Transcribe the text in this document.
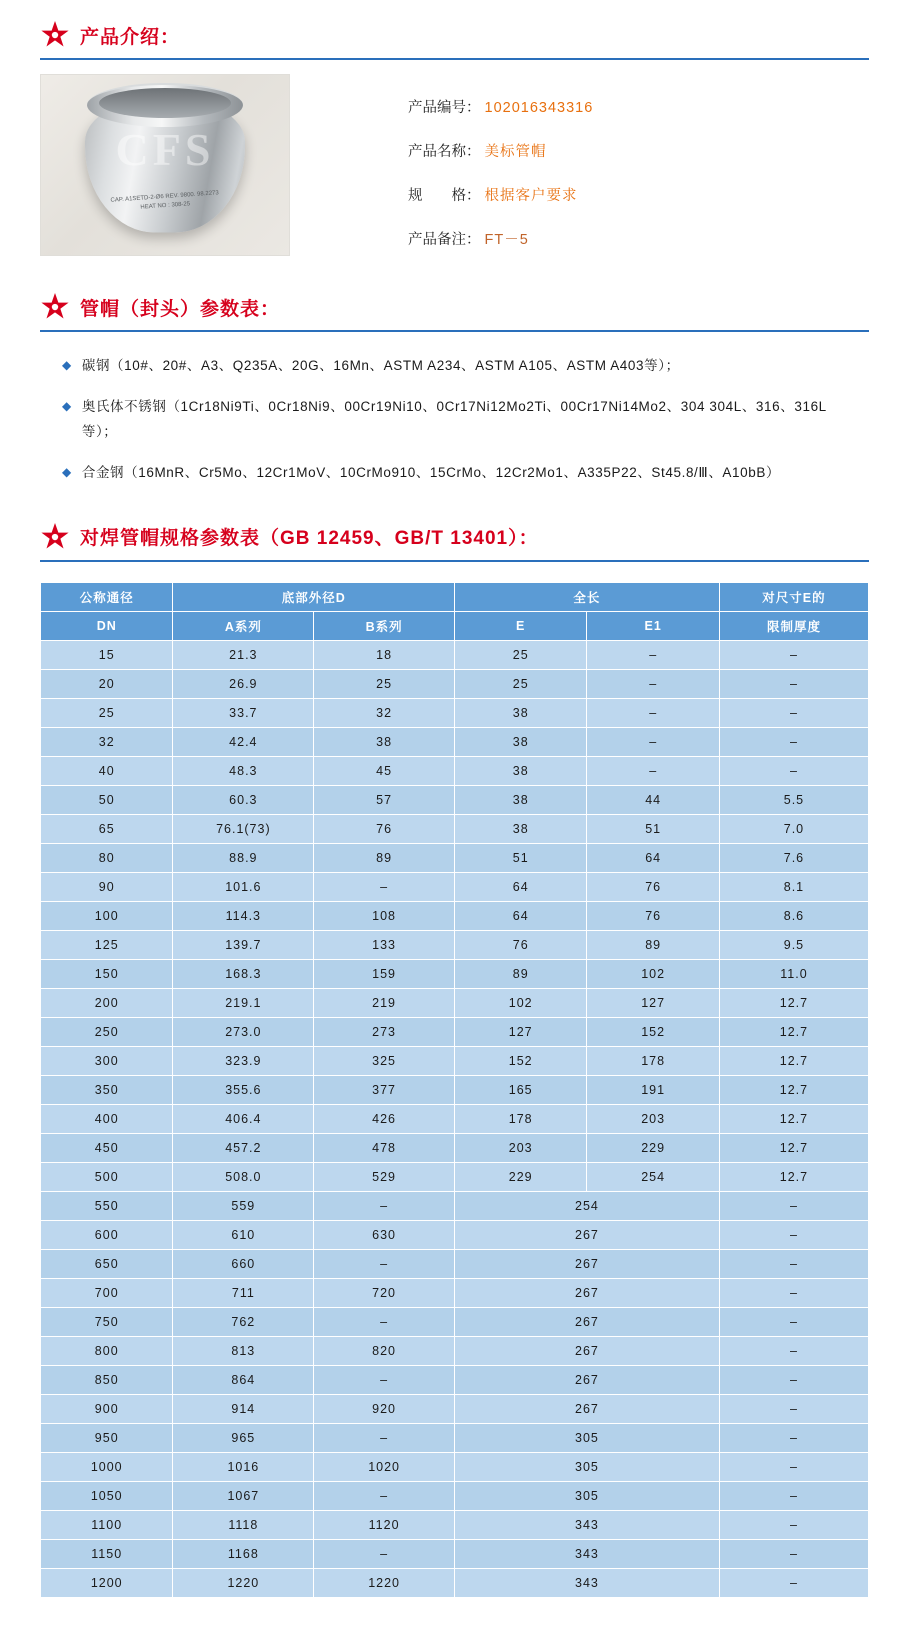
产品介绍：
CFS
CAP. A1SETD-2-Ø6 REV. 9800. 98.2273 HEAT NO : 308-25
产品编号： 102016343316
产品名称： 美标管帽
规　　格： 根据客户要求
产品备注： FT－5
管帽（封头）参数表：
◆ 碳钢（10#、20#、A3、Q235A、20G、16Mn、ASTM A234、ASTM A105、ASTM A403等）；
◆ 奥氏体不锈钢（1Cr18Ni9Ti、0Cr18Ni9、00Cr19Ni10、0Cr17Ni12Mo2Ti、00Cr17Ni14Mo2、304 304L、316、316L等）；
◆ 合金钢（16MnR、Cr5Mo、12Cr1MoV、10CrMo910、15CrMo、12Cr2Mo1、A335P22、St45.8/Ⅲ、A10bB）
对焊管帽规格参数表（GB 12459、GB/T 13401）：
公称通径	底部外径D		全长		对尺寸E的
DN	A系列	B系列	E	E1	限制厚度
15	21.3	18	25	–	–
20	26.9	25	25	–	–
25	33.7	32	38	–	–
32	42.4	38	38	–	–
40	48.3	45	38	–	–
50	60.3	57	38	44	5.5
65	76.1(73)	76	38	51	7.0
80	88.9	89	51	64	7.6
90	101.6	–	64	76	8.1
100	114.3	108	64	76	8.6
125	139.7	133	76	89	9.5
150	168.3	159	89	102	11.0
200	219.1	219	102	127	12.7
250	273.0	273	127	152	12.7
300	323.9	325	152	178	12.7
350	355.6	377	165	191	12.7
400	406.4	426	178	203	12.7
450	457.2	478	203	229	12.7
500	508.0	529	229	254	12.7
550	559	–	254		–
600	610	630	267		–
650	660	–	267		–
700	711	720	267		–
750	762	–	267		–
800	813	820	267		–
850	864	–	267		–
900	914	920	267		–
950	965	–	305		–
1000	1016	1020	305		–
1050	1067	–	305		–
1100	1118	1120	343		–
1150	1168	–	343		–
1200	1220	1220	343		–
